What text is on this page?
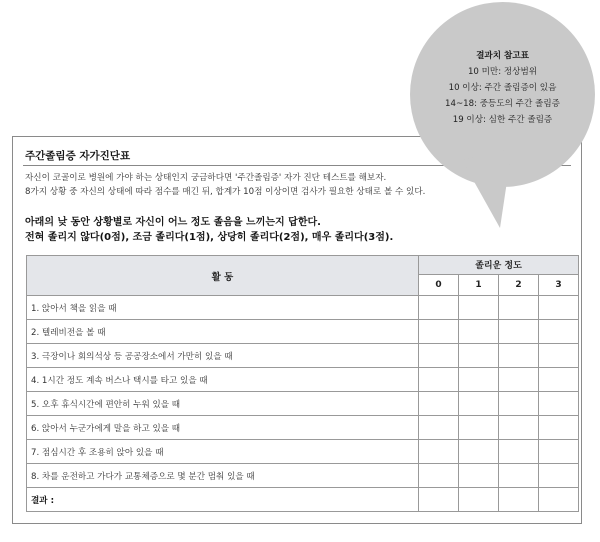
주간졸림증 자가진단표
자신이 코골이로 병원에 가야 하는 상태인지 궁금하다면 '주간졸림증' 자가 진단 테스트를 해보자.
8가지 상황 중 자신의 상태에 따라 점수를 매긴 뒤, 합계가 10점 이상이면 검사가 필요한 상태로 볼 수 있다.
아래의 낮 동안 상황별로 자신이 어느 정도 졸음을 느끼는지 답한다.
전혀 졸리지 않다(0점), 조금 졸리다(1점), 상당히 졸리다(2점), 매우 졸리다(3점).
활 동	졸리운 정도			
	0	1	2	3
1. 앉아서 책을 읽을 때				
2. 텔레비전을 볼 때				
3. 극장이나 회의석상 등 공공장소에서 가만히 있을 때				
4. 1시간 정도 계속 버스나 택시를 타고 있을 때				
5. 오후 휴식시간에 편안히 누워 있을 때				
6. 앉아서 누군가에게 말을 하고 있을 때				
7. 점심시간 후 조용히 앉아 있을 때				
8. 차를 운전하고 가다가 교통체증으로 몇 분간 멈춰 있을 때				
결과 :				
결과치 참고표
10 미만: 정상범위
10 이상: 주간 졸림증이 있음
14~18: 중등도의 주간 졸림증
19 이상: 심한 주간 졸림증
